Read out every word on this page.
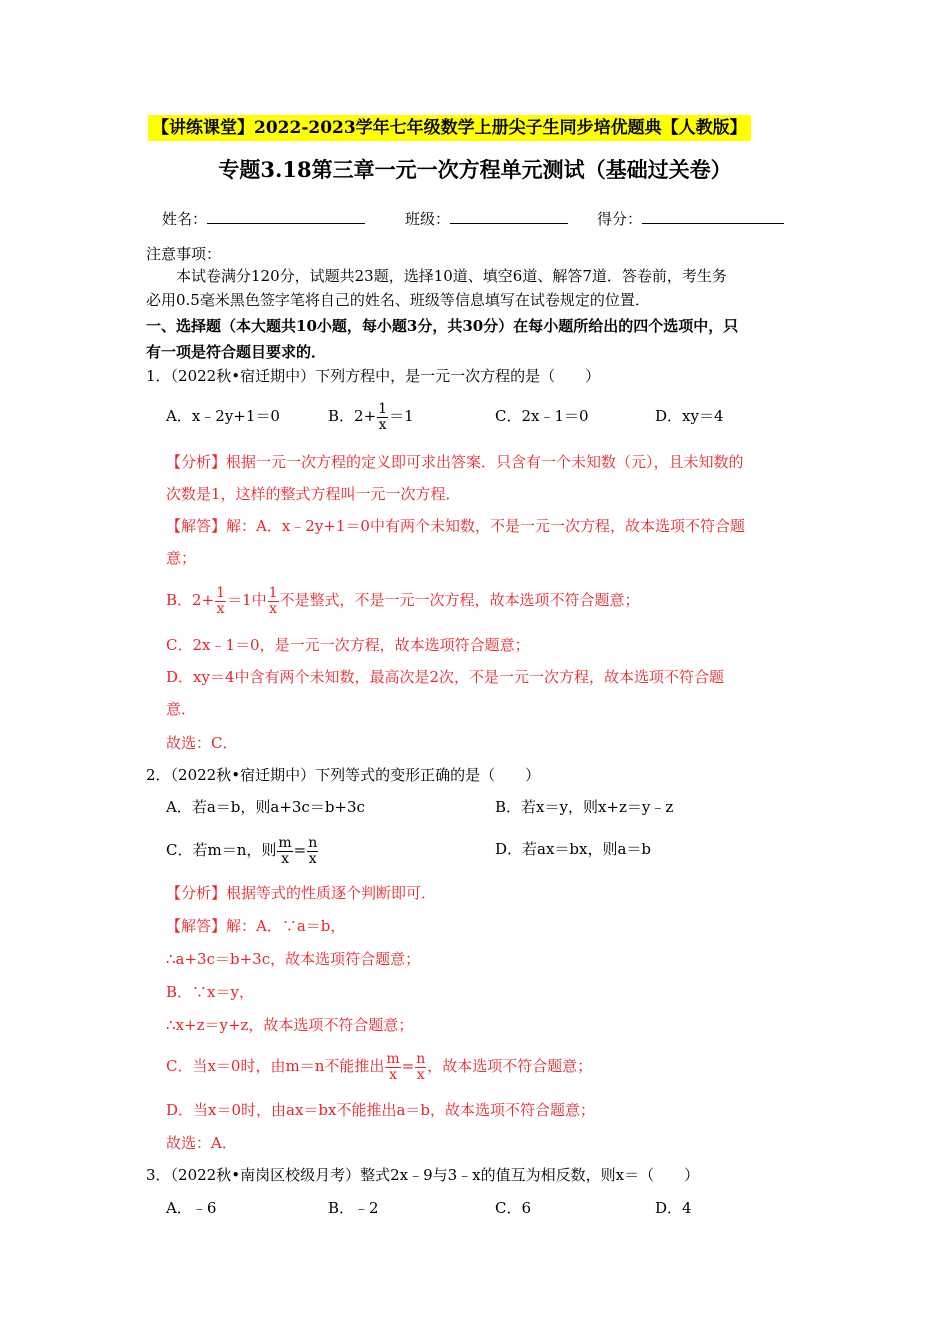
【讲练课堂】2022-2023学年七年级数学上册尖子生同步培优题典【人教版】
专题3.18第三章一元一次方程单元测试（基础过关卷）
姓名：	班级：	得分：
注意事项：
本试卷满分120分，试题共23题，选择10道、填空6道、解答7道．答卷前，考生务
必用0.5毫米黑色签字笔将自己的姓名、班级等信息填写在试卷规定的位置．
一、选择题（本大题共10小题，每小题3分，共30分）在每小题所给出的四个选项中，只
有一项是符合题目要求的．
1．（2022秋•宿迁期中）下列方程中，是一元一次方程的是（　　）
A．x﹣2y+1＝0	B．$2+ \frac{1}{x} =1$	C．2x﹣1＝0	D．xy＝4
【分析】根据一元一次方程的定义即可求出答案．只含有一个未知数（元），且未知数的
次数是1，这样的整式方程叫一元一次方程．
【解答】解：A．x﹣2y+1＝0中有两个未知数，不是一元一次方程，故本选项不符合题
意；
B．$2+ \frac{1}{x} =1$中 $\frac{1}{x}$ 不是整式，不是一元一次方程，故本选项不符合题意；
C．2x﹣1＝0，是一元一次方程，故本选项符合题意；
D．xy＝4中含有两个未知数，最高次是2次，不是一元一次方程，故本选项不符合题
意．
故选：C．
2．（2022秋•宿迁期中）下列等式的变形正确的是（　　）
A．若a＝b，则a+3c＝b+3c	B．若x＝y，则x+z＝y﹣z
C．若m＝n，则 $\frac{m}{x} = \frac{n}{x}$	D．若ax＝bx，则a＝b
【分析】根据等式的性质逐个判断即可．
【解答】解：A．∵a＝b，
∴a+3c＝b+3c，故本选项符合题意；
B．∵x＝y，
∴x+z＝y+z，故本选项不符合题意；
C．当x＝0时，由m＝n不能推出 $\frac{m}{x} = \frac{n}{x}$ ，故本选项不符合题意；
D．当x＝0时，由ax＝bx不能推出a＝b，故本选项不符合题意；
故选：A．
3．（2022秋•南岗区校级月考）整式2x﹣9与3﹣x的值互为相反数，则x＝（　　）
A．﹣6	B．﹣2	C．6	D．4
